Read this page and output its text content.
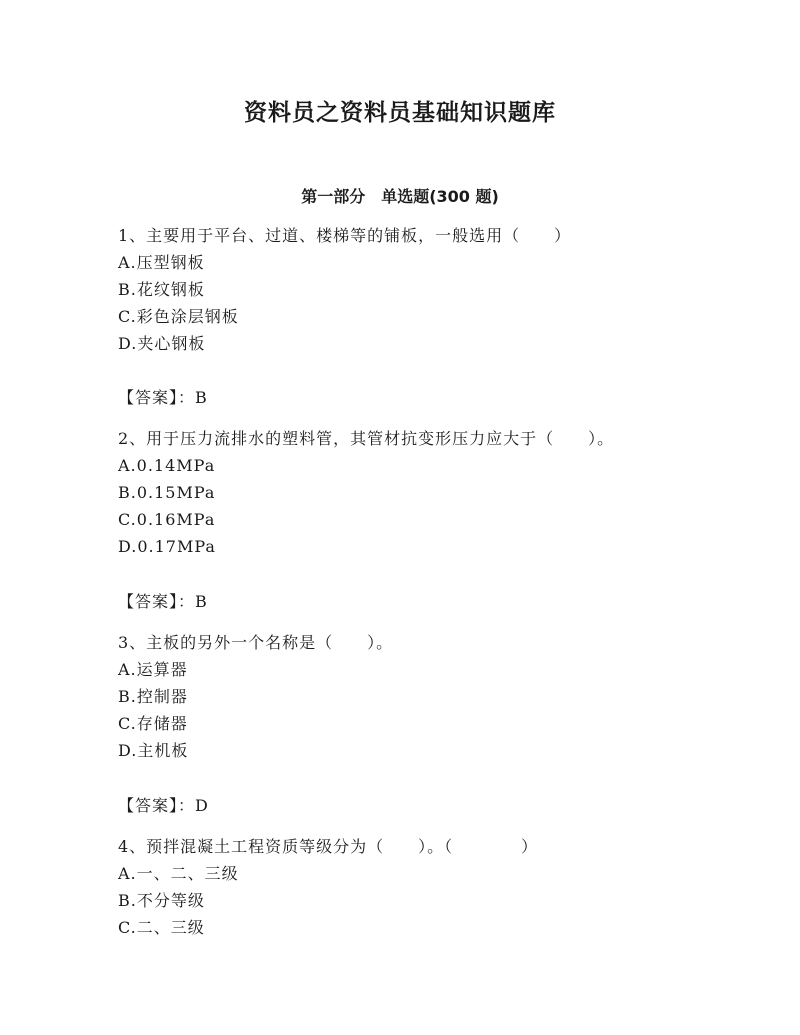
资料员之资料员基础知识题库
第一部分　单选题(300 题)
1、主要用于平台、过道、楼梯等的铺板，一般选用（　　）
A.压型钢板
B.花纹钢板
C.彩色涂层钢板
D.夹心钢板
【答案】：B
2、用于压力流排水的塑料管，其管材抗变形压力应大于（　　）。
A.0.14MPa
B.0.15MPa
C.0.16MPa
D.0.17MPa
【答案】：B
3、主板的另外一个名称是（　　）。
A.运算器
B.控制器
C.存储器
D.主机板
【答案】：D
4、预拌混凝土工程资质等级分为（　　）。（　　　　）
A.一、二、三级
B.不分等级
C.二、三级
